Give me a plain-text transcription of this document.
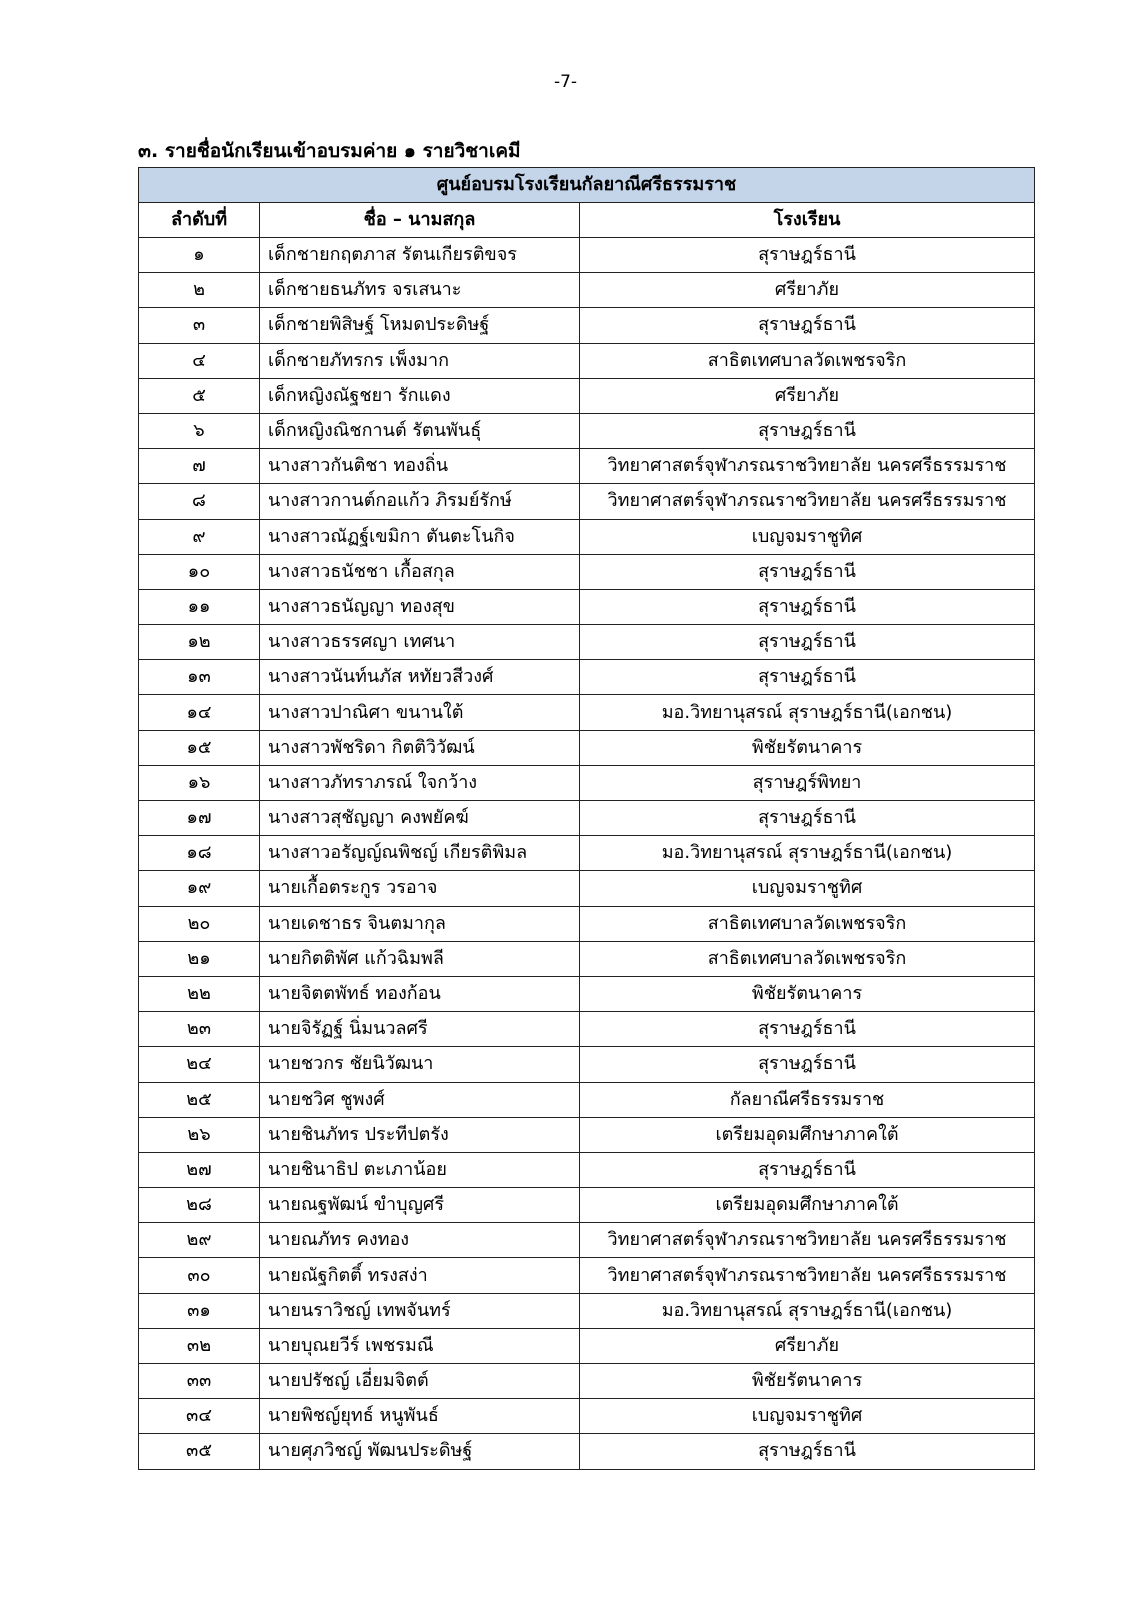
-7-
๓. รายชื่อนักเรียนเข้าอบรมค่าย ๑ รายวิชาเคมี
ศูนย์อบรมโรงเรียนกัลยาณีศรีธรรมราช		
ลำดับที่	ชื่อ – นามสกุล	โรงเรียน
๑	เด็กชายกฤตภาส รัตนเกียรติขจร	สุราษฎร์ธานี
๒	เด็กชายธนภัทร จรเสนาะ	ศรียาภัย
๓	เด็กชายพิสิษฐ์ โหมดประดิษฐ์	สุราษฎร์ธานี
๔	เด็กชายภัทรกร เพ็งมาก	สาธิตเทศบาลวัดเพชรจริก
๕	เด็กหญิงณัฐชยา รักแดง	ศรียาภัย
๖	เด็กหญิงณิชกานต์ รัตนพันธุ์	สุราษฎร์ธานี
๗	นางสาวกันติชา ทองถิ่น	วิทยาศาสตร์จุฬาภรณราชวิทยาลัย นครศรีธรรมราช
๘	นางสาวกานต์กอแก้ว ภิรมย์รักษ์	วิทยาศาสตร์จุฬาภรณราชวิทยาลัย นครศรีธรรมราช
๙	นางสาวณัฏฐ์เขมิกา ตันตะโนกิจ	เบญจมราชูทิศ
๑๐	นางสาวธนัชชา เกื้อสกุล	สุราษฎร์ธานี
๑๑	นางสาวธนัญญา ทองสุข	สุราษฎร์ธานี
๑๒	นางสาวธรรศญา เทศนา	สุราษฎร์ธานี
๑๓	นางสาวนันท์นภัส หทัยวสีวงศ์	สุราษฎร์ธานี
๑๔	นางสาวปาณิศา ขนานใต้	มอ.วิทยานุสรณ์ สุราษฎร์ธานี(เอกชน)
๑๕	นางสาวพัชริดา กิตติวิวัฒน์	พิชัยรัตนาคาร
๑๖	นางสาวภัทราภรณ์ ใจกว้าง	สุราษฎร์พิทยา
๑๗	นางสาวสุชัญญา คงพยัคฆ์	สุราษฎร์ธานี
๑๘	นางสาวอรัญญ์ณพิชญ์ เกียรติพิมล	มอ.วิทยานุสรณ์ สุราษฎร์ธานี(เอกชน)
๑๙	นายเกื้อตระกูร วรอาจ	เบญจมราชูทิศ
๒๐	นายเดชาธร จินตมากุล	สาธิตเทศบาลวัดเพชรจริก
๒๑	นายกิตติพัศ แก้วฉิมพลี	สาธิตเทศบาลวัดเพชรจริก
๒๒	นายจิตตพัทธ์ ทองก้อน	พิชัยรัตนาคาร
๒๓	นายจิรัฏฐ์ นิ่มนวลศรี	สุราษฎร์ธานี
๒๔	นายชวกร ชัยนิวัฒนา	สุราษฎร์ธานี
๒๕	นายชวิศ ชูพงศ์	กัลยาณีศรีธรรมราช
๒๖	นายชินภัทร ประทีปตรัง	เตรียมอุดมศึกษาภาคใต้
๒๗	นายชินาธิป ตะเภาน้อย	สุราษฎร์ธานี
๒๘	นายณฐพัฒน์ ขำบุญศรี	เตรียมอุดมศึกษาภาคใต้
๒๙	นายณภัทร คงทอง	วิทยาศาสตร์จุฬาภรณราชวิทยาลัย นครศรีธรรมราช
๓๐	นายณัฐกิตติ์ ทรงสง่า	วิทยาศาสตร์จุฬาภรณราชวิทยาลัย นครศรีธรรมราช
๓๑	นายนราวิชญ์ เทพจันทร์	มอ.วิทยานุสรณ์ สุราษฎร์ธานี(เอกชน)
๓๒	นายบุณยวีร์ เพชรมณี	ศรียาภัย
๓๓	นายปรัชญ์ เอี่ยมจิตต์	พิชัยรัตนาคาร
๓๔	นายพิชญ์ยุทธ์ หนูพันธ์	เบญจมราชูทิศ
๓๕	นายศุภวิชญ์ พัฒนประดิษฐ์	สุราษฎร์ธานี
